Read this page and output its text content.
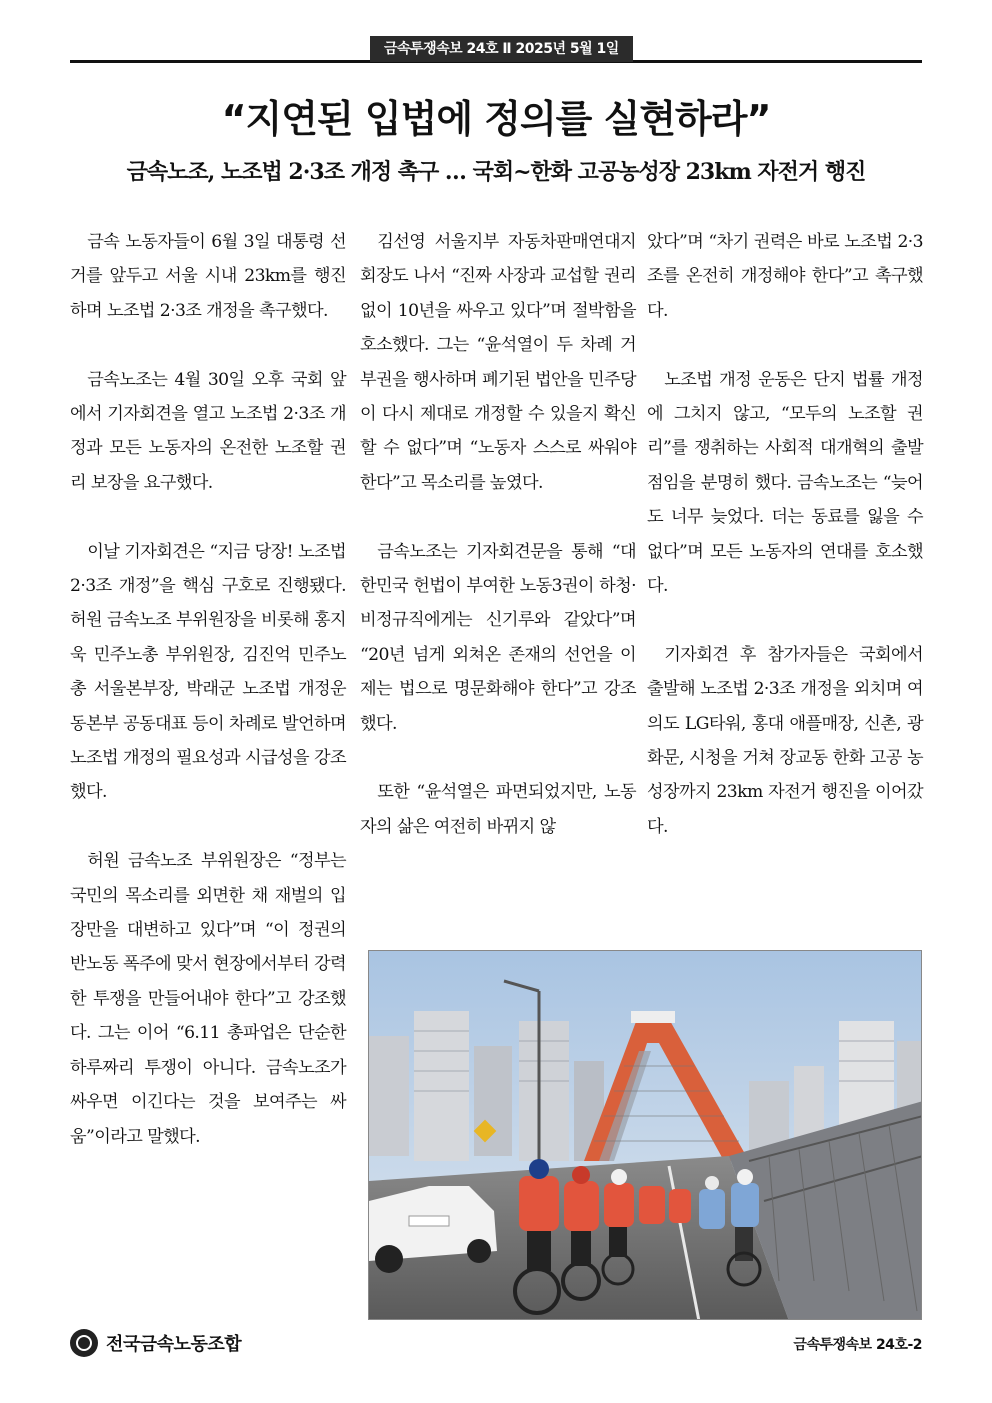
금속투쟁속보 24호 Ⅱ 2025년 5월 1일
“지연된 입법에 정의를 실현하라”
금속노조, 노조법 2·3조 개정 촉구 … 국회~한화 고공농성장 23km 자전거 행진

금속 노동자들이 6월 3일 대통령 선거를 앞두고 서울 시내 23km를 행진하며 노조법 2·3조 개정을 촉구했다.

금속노조는 4월 30일 오후 국회 앞에서 기자회견을 열고 노조법 2·3조 개정과 모든 노동자의 온전한 노조할 권리 보장을 요구했다.

이날 기자회견은 “지금 당장! 노조법 2·3조 개정”을 핵심 구호로 진행됐다. 허원 금속노조 부위원장을 비롯해 홍지욱 민주노총 부위원장, 김진억 민주노총 서울본부장, 박래군 노조법 개정운동본부 공동대표 등이 차례로 발언하며 노조법 개정의 필요성과 시급성을 강조했다.

허원 금속노조 부위원장은 “정부는 국민의 목소리를 외면한 채 재벌의 입장만을 대변하고 있다”며 “이 정권의 반노동 폭주에 맞서 현장에서부터 강력한 투쟁을 만들어내야 한다”고 강조했다. 그는 이어 “6.11 총파업은 단순한 하루짜리 투쟁이 아니다. 금속노조가 싸우면 이긴다는 것을 보여주는 싸움”이라고 말했다.

김선영 서울지부 자동차판매연대지회장도 나서 “진짜 사장과 교섭할 권리 없이 10년을 싸우고 있다”며 절박함을 호소했다. 그는 “윤석열이 두 차례 거부권을 행사하며 폐기된 법안을 민주당이 다시 제대로 개정할 수 있을지 확신할 수 없다”며 “노동자 스스로 싸워야 한다”고 목소리를 높였다.

금속노조는 기자회견문을 통해 “대한민국 헌법이 부여한 노동3권이 하청·비정규직에게는 신기루와 같았다”며 “20년 넘게 외쳐온 존재의 선언을 이제는 법으로 명문화해야 한다”고 강조했다.

또한 “윤석열은 파면되었지만, 노동자의 삶은 여전히 바뀌지 않

았다”며 “차기 권력은 바로 노조법 2·3조를 온전히 개정해야 한다”고 촉구했다.

노조법 개정 운동은 단지 법률 개정에 그치지 않고, “모두의 노조할 권리”를 쟁취하는 사회적 대개혁의 출발점임을 분명히 했다. 금속노조는 “늦어도 너무 늦었다. 더는 동료를 잃을 수 없다”며 모든 노동자의 연대를 호소했다.

기자회견 후 참가자들은 국회에서 출발해 노조법 2·3조 개정을 외치며 여의도 LG타워, 홍대 애플매장, 신촌, 광화문, 시청을 거쳐 장교동 한화 고공 농성장까지 23km 자전거 행진을 이어갔다.

전국금속노동조합	금속투쟁속보 24호-2
